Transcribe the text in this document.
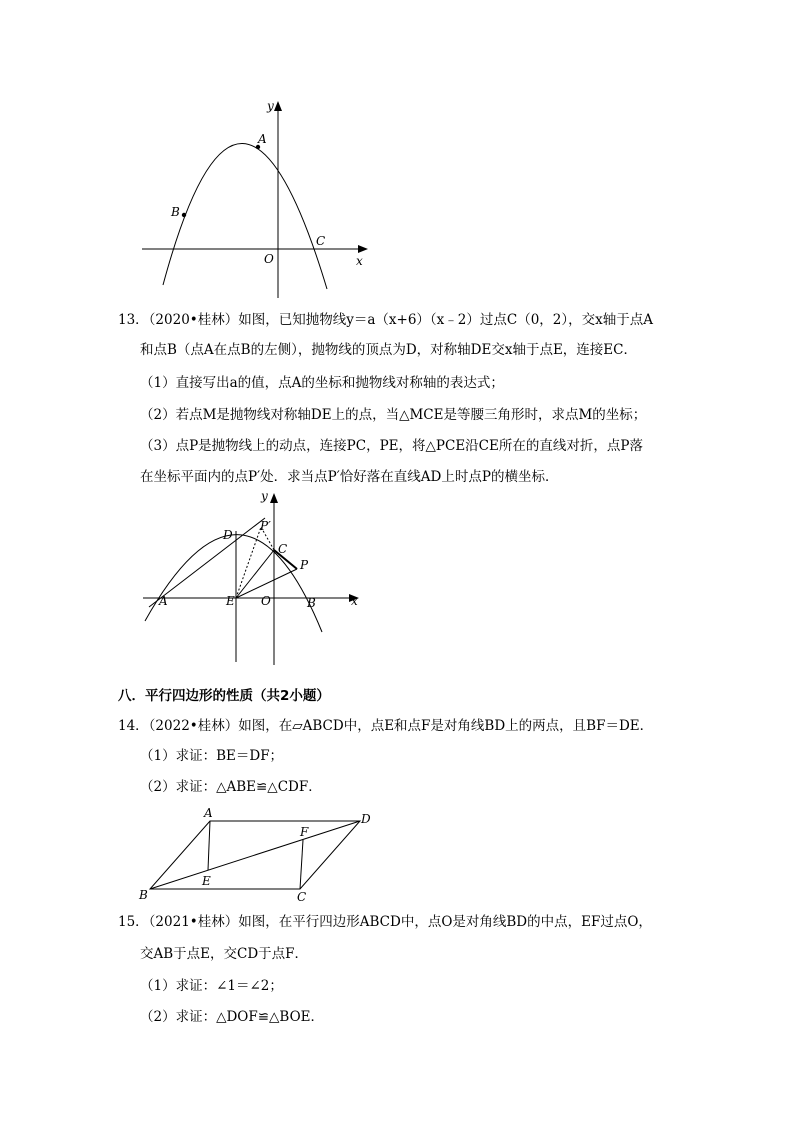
y
x
A
B
C
O
13．（2020•桂林）如图，已知抛物线y＝a（x+6）（x﹣2）过点C（0，2），交x轴于点A
和点B（点A在点B的左侧），抛物线的顶点为D，对称轴DE交x轴于点E，连接EC．
（1）直接写出a的值，点A的坐标和抛物线对称轴的表达式；
（2）若点M是抛物线对称轴DE上的点，当△MCE是等腰三角形时，求点M的坐标；
（3）点P是抛物线上的动点，连接PC，PE，将△PCE沿CE所在的直线对折，点P落
在坐标平面内的点P′处．求当点P′恰好落在直线AD上时点P的横坐标．
y
x
D
P′
C
P
A	E O	B
八．平行四边形的性质（共2小题）
14．（2022•桂林）如图，在▱ABCD中，点E和点F是对角线BD上的两点，且BF＝DE．
（1）求证：BE＝DF；
（2）求证：△ABE≌△CDF．
A	D
F
E
B	C
15．（2021•桂林）如图，在平行四边形ABCD中，点O是对角线BD的中点，EF过点O，
交AB于点E，交CD于点F．
（1）求证：∠1＝∠2；
（2）求证：△DOF≌△BOE．
